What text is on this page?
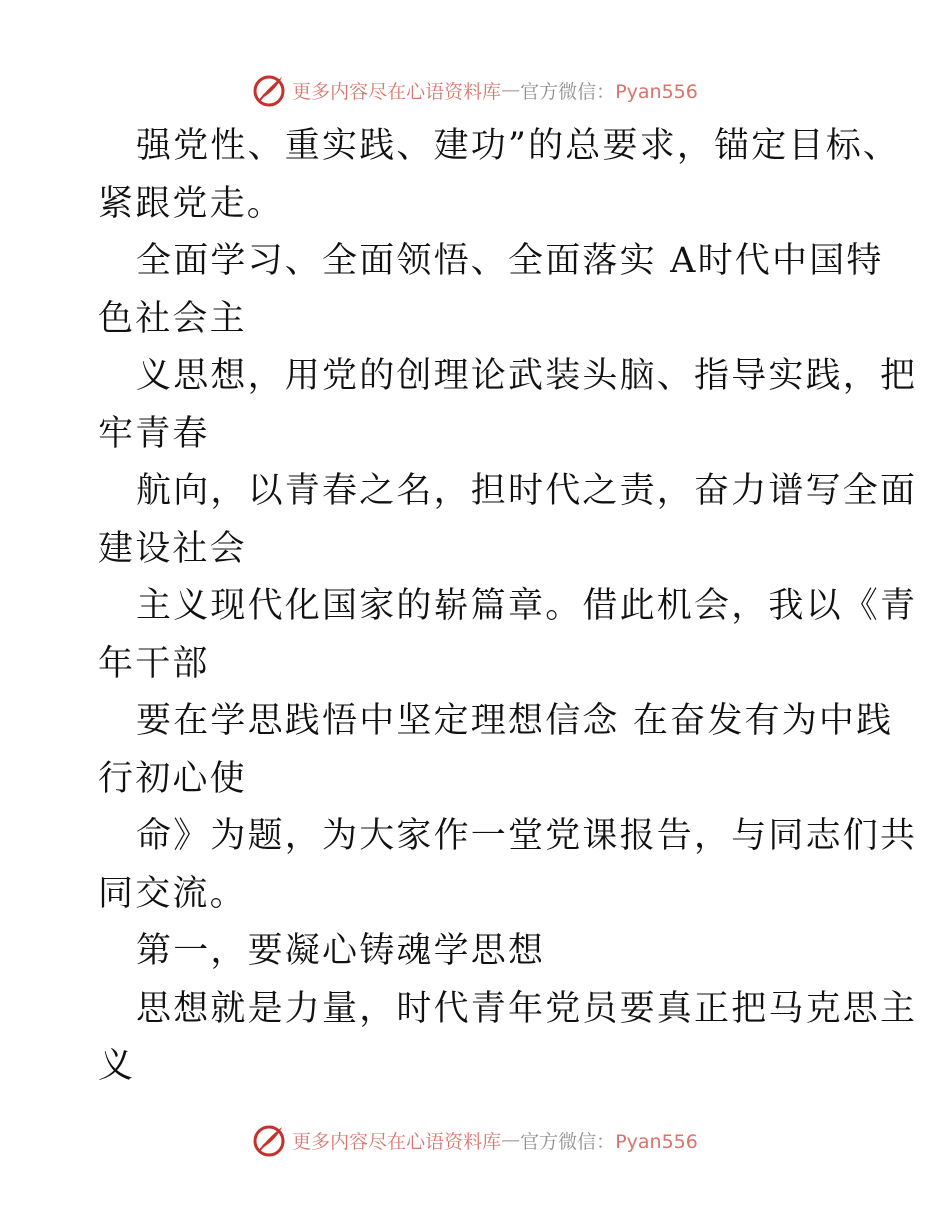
更多内容尽在心语资料库 — 官方微信：Pyan556
强党性、重实践、建功”的总要求，锚定目标、
紧跟党走。
全面学习、全面领悟、全面落实 A时代中国特
色社会主
义思想，用党的创理论武装头脑、指导实践，把
牢青春
航向，以青春之名，担时代之责，奋力谱写全面
建设社会
主义现代化国家的崭篇章。借此机会，我以《青
年干部
要在学思践悟中坚定理想信念 在奋发有为中践
行初心使
命》为题，为大家作一堂党课报告，与同志们共
同交流。
第一，要凝心铸魂学思想
思想就是力量，时代青年党员要真正把马克思主
义
更多内容尽在心语资料库 — 官方微信：Pyan556
